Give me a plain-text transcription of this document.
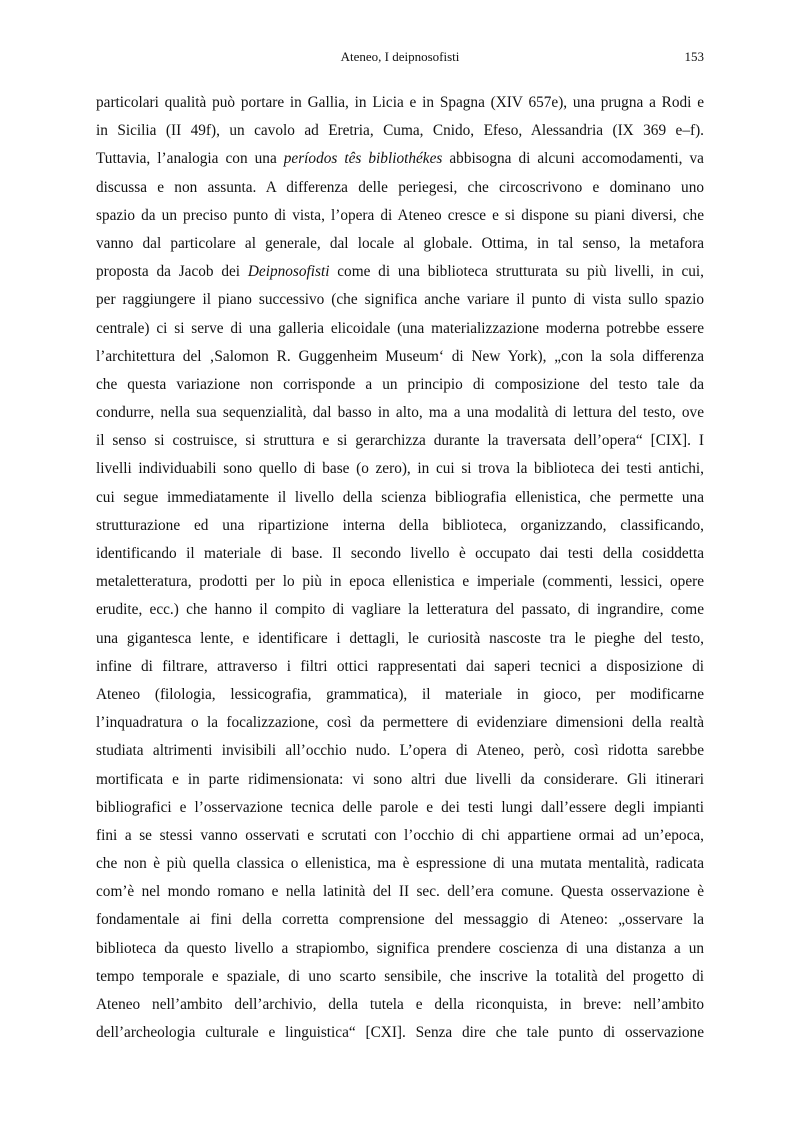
Ateneo, I deipnosofisti	153
particolari qualità può portare in Gallia, in Licia e in Spagna (XIV 657e), una prugna a Rodi e
in Sicilia (II 49f), un cavolo ad Eretria, Cuma, Cnido, Efeso, Alessandria (IX 369 e–f).
Tuttavia, l’analogia con una períodos tês bibliothékes abbisogna di alcuni accomodamenti, va
discussa e non assunta. A differenza delle periegesi, che circoscrivono e dominano uno
spazio da un preciso punto di vista, l’opera di Ateneo cresce e si dispone su piani diversi, che
vanno dal particolare al generale, dal locale al globale. Ottima, in tal senso, la metafora
proposta da Jacob dei Deipnosofisti come di una biblioteca strutturata su più livelli, in cui,
per raggiungere il piano successivo (che significa anche variare il punto di vista sullo spazio
centrale) ci si serve di una galleria elicoidale (una materializzazione moderna potrebbe essere
l’architettura del ‚Salomon R. Guggenheim Museum‘ di New York), „con la sola differenza
che questa variazione non corrisponde a un principio di composizione del testo tale da
condurre, nella sua sequenzialità, dal basso in alto, ma a una modalità di lettura del testo, ove
il senso si costruisce, si struttura e si gerarchizza durante la traversata dell’opera“ [CIX]. I
livelli individuabili sono quello di base (o zero), in cui si trova la biblioteca dei testi antichi,
cui segue immediatamente il livello della scienza bibliografia ellenistica, che permette una
strutturazione ed una ripartizione interna della biblioteca, organizzando, classificando,
identificando il materiale di base. Il secondo livello è occupato dai testi della cosiddetta
metaletteratura, prodotti per lo più in epoca ellenistica e imperiale (commenti, lessici, opere
erudite, ecc.) che hanno il compito di vagliare la letteratura del passato, di ingrandire, come
una gigantesca lente, e identificare i dettagli, le curiosità nascoste tra le pieghe del testo,
infine di filtrare, attraverso i filtri ottici rappresentati dai saperi tecnici a disposizione di
Ateneo (filologia, lessicografia, grammatica), il materiale in gioco, per modificarne
l’inquadratura o la focalizzazione, così da permettere di evidenziare dimensioni della realtà
studiata altrimenti invisibili all’occhio nudo. L’opera di Ateneo, però, così ridotta sarebbe
mortificata e in parte ridimensionata: vi sono altri due livelli da considerare. Gli itinerari
bibliografici e l’osservazione tecnica delle parole e dei testi lungi dall’essere degli impianti
fini a se stessi vanno osservati e scrutati con l’occhio di chi appartiene ormai ad un’epoca,
che non è più quella classica o ellenistica, ma è espressione di una mutata mentalità, radicata
com’è nel mondo romano e nella latinità del II sec. dell’era comune. Questa osservazione è
fondamentale ai fini della corretta comprensione del messaggio di Ateneo: „osservare la
biblioteca da questo livello a strapiombo, significa prendere coscienza di una distanza a un
tempo temporale e spaziale, di uno scarto sensibile, che inscrive la totalità del progetto di
Ateneo nell’ambito dell’archivio, della tutela e della riconquista, in breve: nell’ambito
dell’archeologia culturale e linguistica“ [CXI]. Senza dire che tale punto di osservazione
